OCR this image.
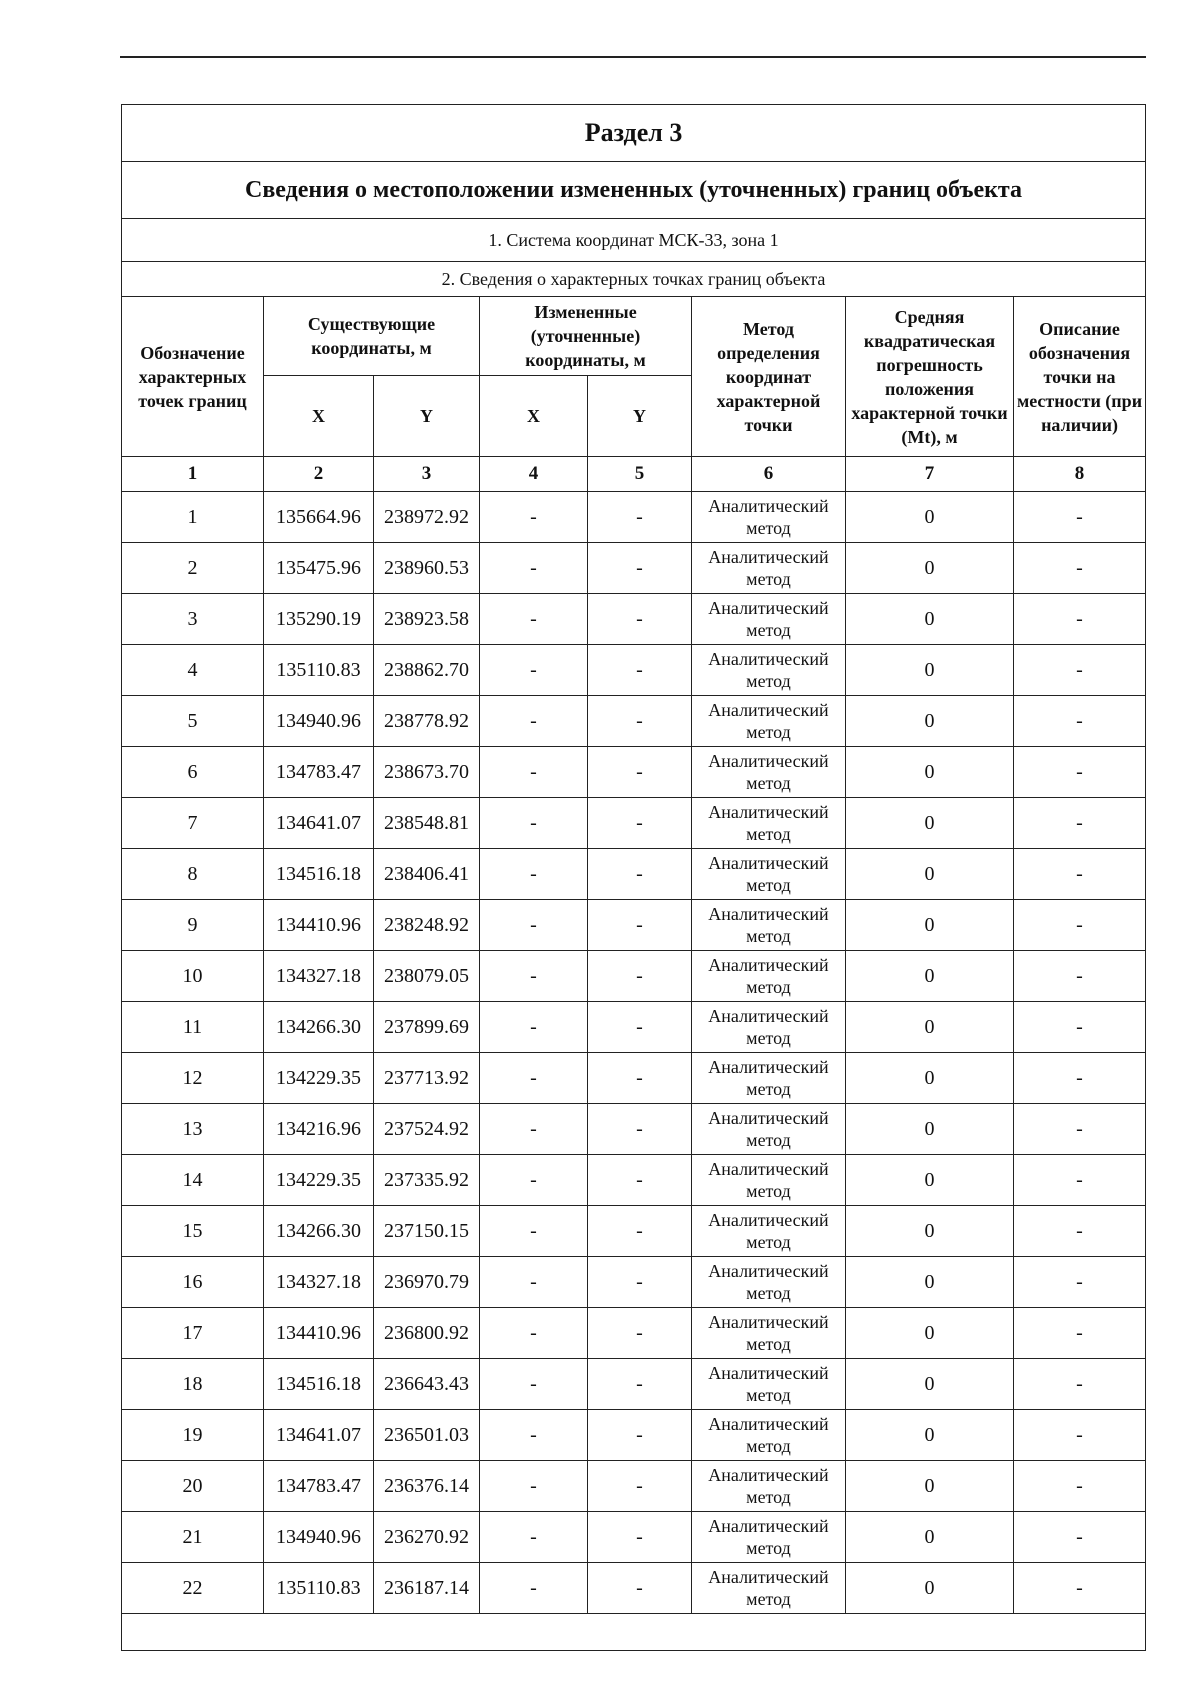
Раздел 3							
Сведения о местоположении измененных (уточненных) границ объекта							
1. Система координат МСК-33, зона 1							
2. Сведения о характерных точках границ объекта							
Обозначение характерных точек границ	Существующие координаты, м		Измененные (уточненные) координаты, м		Метод определения координат характерной точки	Средняя квадратическая погрешность положения характерной точки (Mt), м	Описание обозначения точки на местности (при наличии)
	X	Y	X	Y			
1	2	3	4	5	6	7	8
1	135664.96	238972.92	-	-	Аналитический метод	0	-
2	135475.96	238960.53	-	-	Аналитический метод	0	-
3	135290.19	238923.58	-	-	Аналитический метод	0	-
4	135110.83	238862.70	-	-	Аналитический метод	0	-
5	134940.96	238778.92	-	-	Аналитический метод	0	-
6	134783.47	238673.70	-	-	Аналитический метод	0	-
7	134641.07	238548.81	-	-	Аналитический метод	0	-
8	134516.18	238406.41	-	-	Аналитический метод	0	-
9	134410.96	238248.92	-	-	Аналитический метод	0	-
10	134327.18	238079.05	-	-	Аналитический метод	0	-
11	134266.30	237899.69	-	-	Аналитический метод	0	-
12	134229.35	237713.92	-	-	Аналитический метод	0	-
13	134216.96	237524.92	-	-	Аналитический метод	0	-
14	134229.35	237335.92	-	-	Аналитический метод	0	-
15	134266.30	237150.15	-	-	Аналитический метод	0	-
16	134327.18	236970.79	-	-	Аналитический метод	0	-
17	134410.96	236800.92	-	-	Аналитический метод	0	-
18	134516.18	236643.43	-	-	Аналитический метод	0	-
19	134641.07	236501.03	-	-	Аналитический метод	0	-
20	134783.47	236376.14	-	-	Аналитический метод	0	-
21	134940.96	236270.92	-	-	Аналитический метод	0	-
22	135110.83	236187.14	-	-	Аналитический метод	0	-
